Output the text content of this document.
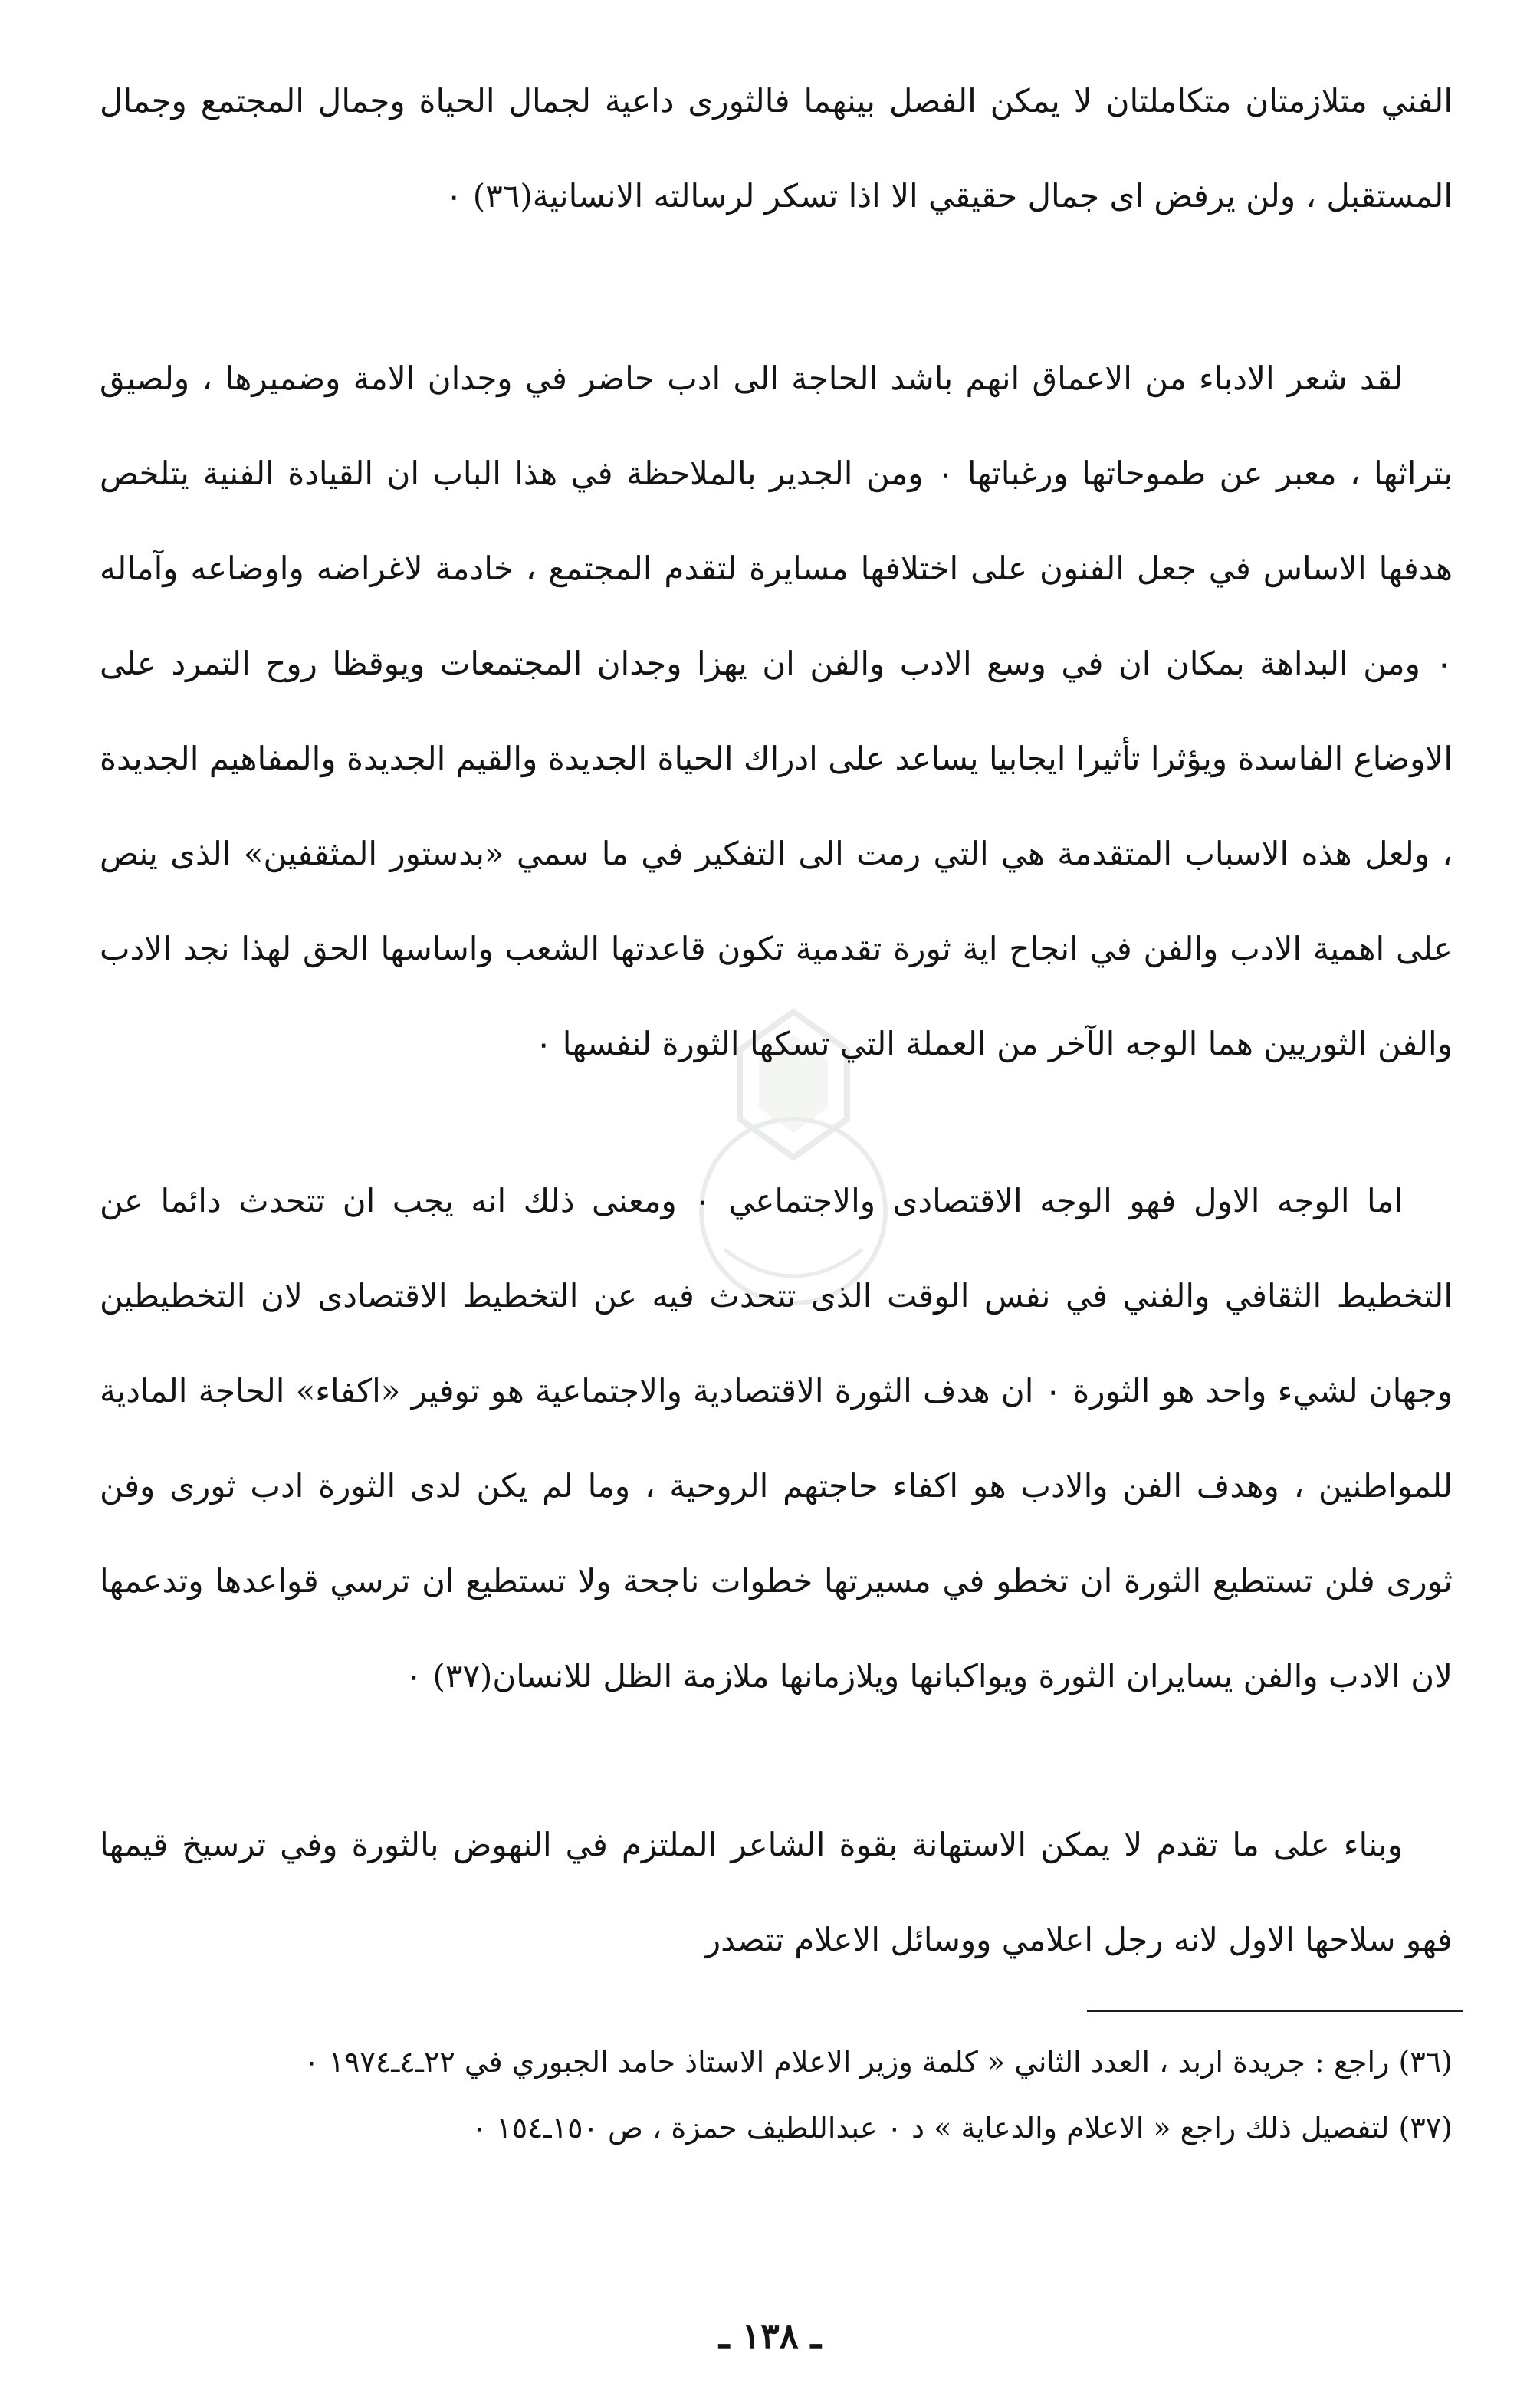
الفني متلازمتان متكاملتان لا يمكن الفصل بينهما فالثورى داعية لجمال الحياة وجمال المجتمع وجمال المستقبل ، ولن يرفض اى جمال حقيقي الا اذا تسكر لرسالته الانسانية(٣٦) ٠

لقد شعر الادباء من الاعماق انهم باشد الحاجة الى ادب حاضر في وجدان الامة وضميرها ، ولصيق بتراثها ، معبر عن طموحاتها ورغباتها ٠ ومن الجدير بالملاحظة في هذا الباب ان القيادة الفنية يتلخص هدفها الاساس في جعل الفنون على اختلافها مسايرة لتقدم المجتمع ، خادمة لاغراضه واوضاعه وآماله ٠ ومن البداهة بمكان ان في وسع الادب والفن ان يهزا وجدان المجتمعات ويوقظا روح التمرد على الاوضاع الفاسدة ويؤثرا تأثيرا ايجابيا يساعد على ادراك الحياة الجديدة والقيم الجديدة والمفاهيم الجديدة ، ولعل هذه الاسباب المتقدمة هي التي رمت الى التفكير في ما سمي «بدستور المثقفين» الذى ينص على اهمية الادب والفن في انجاح اية ثورة تقدمية تكون قاعدتها الشعب واساسها الحق لهذا نجد الادب والفن الثوريين هما الوجه الآخر من العملة التي تسكها الثورة لنفسها ٠

اما الوجه الاول فهو الوجه الاقتصادى والاجتماعي ٠ ومعنى ذلك انه يجب ان تتحدث دائما عن التخطيط الثقافي والفني في نفس الوقت الذى تتحدث فيه عن التخطيط الاقتصادى لان التخطيطين وجهان لشيء واحد هو الثورة ٠ ان هدف الثورة الاقتصادية والاجتماعية هو توفير «اكفاء» الحاجة المادية للمواطنين ، وهدف الفن والادب هو اكفاء حاجتهم الروحية ، وما لم يكن لدى الثورة ادب ثورى وفن ثورى فلن تستطيع الثورة ان تخطو في مسيرتها خطوات ناجحة ولا تستطيع ان ترسي قواعدها وتدعمها لان الادب والفن يسايران الثورة ويواكبانها ويلازمانها ملازمة الظل للانسان(٣٧) ٠

وبناء على ما تقدم لا يمكن الاستهانة بقوة الشاعر الملتزم في النهوض بالثورة وفي ترسيخ قيمها فهو سلاحها الاول لانه رجل اعلامي ووسائل الاعلام تتصدر

(٣٦) راجع : جريدة اربد ، العدد الثاني « كلمة وزير الاعلام الاستاذ حامد الجبوري في ٢٢ـ٤ـ١٩٧٤ ٠

(٣٧) لتفصيل ذلك راجع « الاعلام والدعاية » د ٠ عبداللطيف حمزة ، ص ١٥٠ـ١٥٤ ٠

ـ ١٣٨ ـ
